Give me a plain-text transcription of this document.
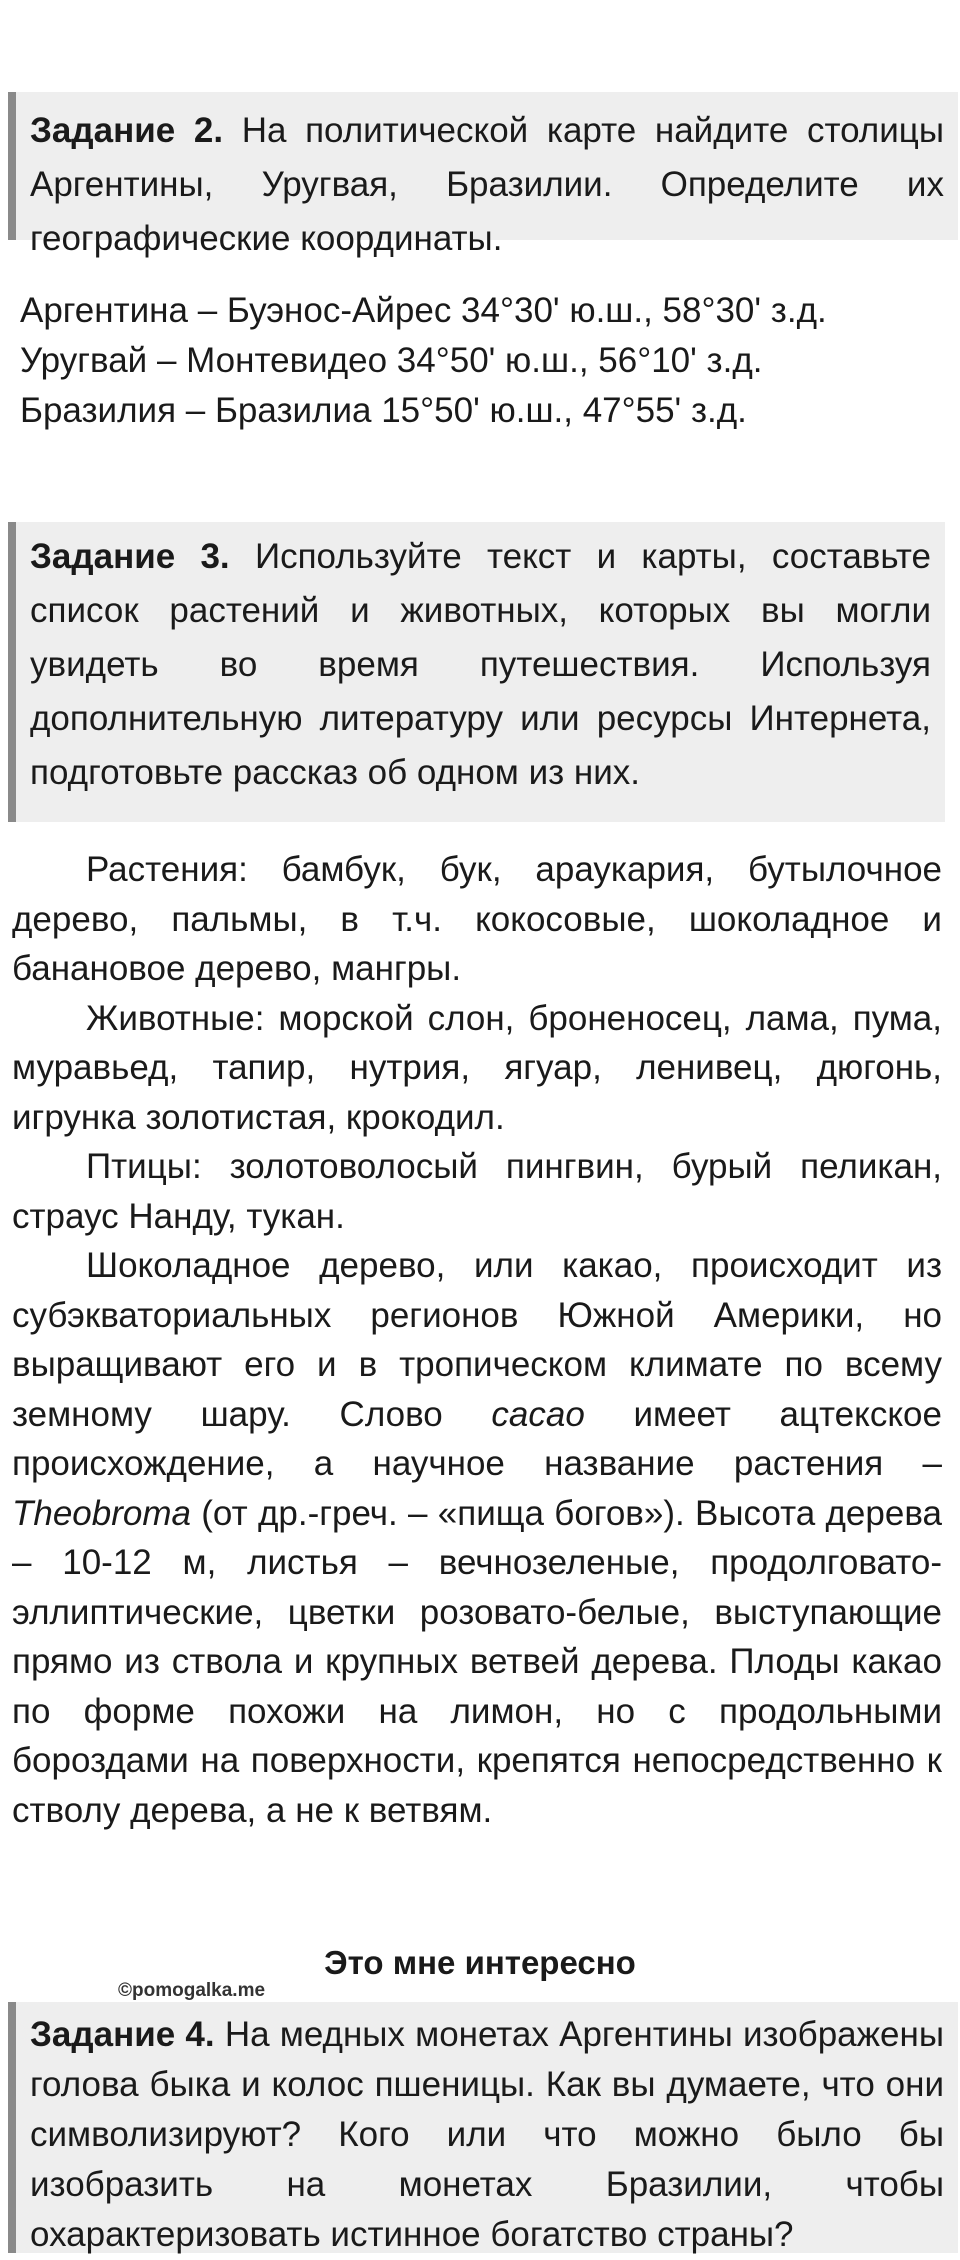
Задание 2. На политической карте найдите столицы Аргентины, Уругвая, Бразилии. Определите их географические координаты.
Аргентина – Буэнос-Айрес 34°30' ю.ш., 58°30' з.д.
Уругвай – Монтевидео 34°50' ю.ш., 56°10' з.д.
Бразилия – Бразилиа 15°50' ю.ш., 47°55' з.д.
Задание 3. Используйте текст и карты, составьте список растений и животных, которых вы могли увидеть во время путешествия. Используя дополнительную литературу или ресурсы Интернета, подготовьте рассказ об одном из них.

Растения: бамбук, бук, араукария, бутылочное дерево, пальмы, в т.ч. кокосовые, шоколадное и банановое дерево, мангры.

Животные: морской слон, броненосец, лама, пума, муравьед, тапир, нутрия, ягуар, ленивец, дюгонь, игрунка золотистая, крокодил.

Птицы: золотоволосый пингвин, бурый пеликан, страус Нанду, тукан.

Шоколадное дерево, или какао, происходит из субэкваториальных регионов Южной Америки, но выращивают его и в тропическом климате по всему земному шару. Слово cacao имеет ацтекское происхождение, а научное название растения – Theobroma (от др.-греч. – «пища богов»). Высота дерева – 10-12 м, листья – вечнозеленые, продолговато-эллиптические, цветки розовато-белые, выступающие прямо из ствола и крупных ветвей дерева. Плоды какао по форме похожи на лимон, но с продольными бороздами на поверхности, крепятся непосредственно к стволу дерева, а не к ветвям.

Это мне интересно
©pomogalka.me
Задание 4. На медных монетах Аргентины изображены голова быка и колос пшеницы. Как вы думаете, что они символизируют? Кого или что можно было бы изобразить на монетах Бразилии, чтобы охарактеризовать истинное богатство страны?
